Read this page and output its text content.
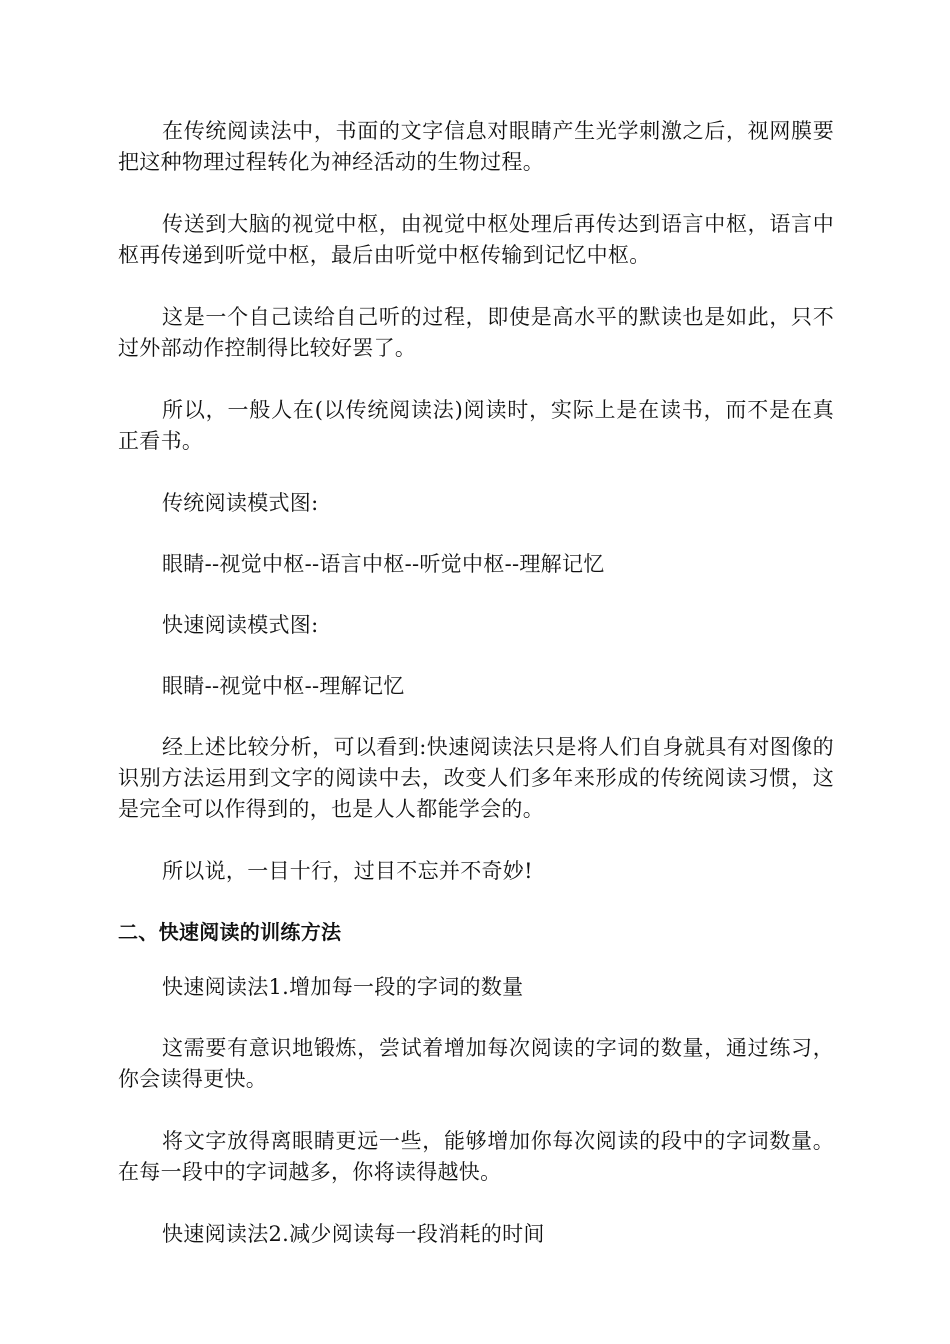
在传统阅读法中，书面的文字信息对眼睛产生光学刺激之后，视网膜要把这种物理过程转化为神经活动的生物过程。

传送到大脑的视觉中枢，由视觉中枢处理后再传达到语言中枢，语言中枢再传递到听觉中枢，最后由听觉中枢传输到记忆中枢。

这是一个自己读给自己听的过程，即使是高水平的默读也是如此，只不过外部动作控制得比较好罢了。

所以，一般人在(以传统阅读法)阅读时，实际上是在读书，而不是在真正看书。

传统阅读模式图:

眼睛--视觉中枢--语言中枢--听觉中枢--理解记忆

快速阅读模式图:

眼睛--视觉中枢--理解记忆

经上述比较分析，可以看到:快速阅读法只是将人们自身就具有对图像的识别方法运用到文字的阅读中去，改变人们多年来形成的传统阅读习惯，这是完全可以作得到的，也是人人都能学会的。

所以说，一目十行，过目不忘并不奇妙!

二、快速阅读的训练方法

快速阅读法1.增加每一段的字词的数量

这需要有意识地锻炼，尝试着增加每次阅读的字词的数量，通过练习，你会读得更快。

将文字放得离眼睛更远一些，能够增加你每次阅读的段中的字词数量。在每一段中的字词越多，你将读得越快。

快速阅读法2.减少阅读每一段消耗的时间
